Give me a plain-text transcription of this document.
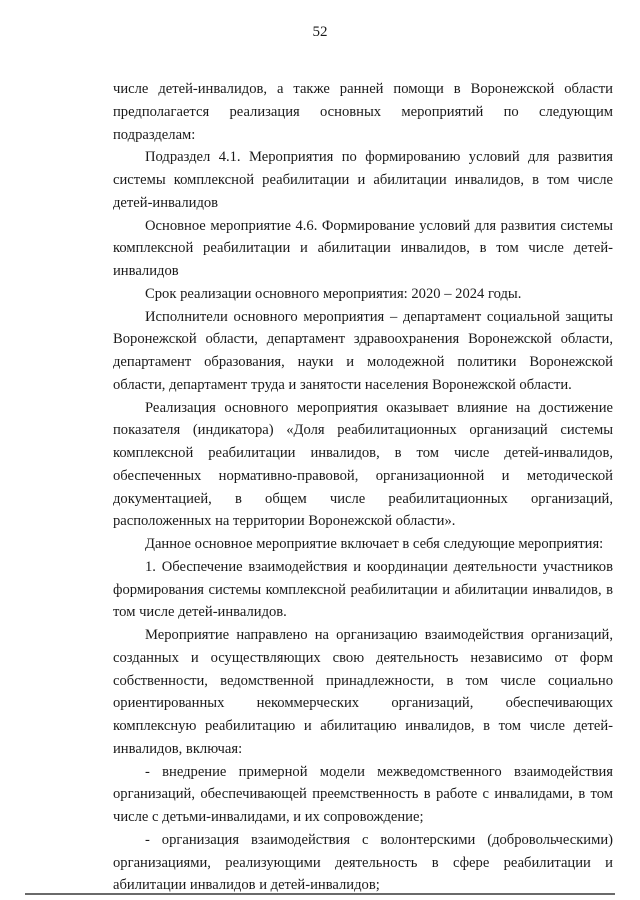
52

числе детей-инвалидов, а также ранней помощи в Воронежской области предполагается реализация основных мероприятий по следующим подразделам:

Подраздел 4.1. Мероприятия по формированию условий для развития системы комплексной реабилитации и абилитации инвалидов, в том числе детей-инвалидов

Основное мероприятие 4.6. Формирование условий для развития системы комплексной реабилитации и абилитации инвалидов, в том числе детей-инвалидов

Срок реализации основного мероприятия: 2020 – 2024 годы.

Исполнители основного мероприятия – департамент социальной защиты Воронежской области, департамент здравоохранения Воронежской области, департамент образования, науки и молодежной политики Воронежской области, департамент труда и занятости населения Воронежской области.

Реализация основного мероприятия оказывает влияние на достижение показателя (индикатора) «Доля реабилитационных организаций системы комплексной реабилитации инвалидов, в том числе детей-инвалидов, обеспеченных нормативно-правовой, организационной и методической документацией, в общем числе реабилитационных организаций, расположенных на территории Воронежской области».

Данное основное мероприятие включает в себя следующие мероприятия:

1. Обеспечение взаимодействия и координации деятельности участников формирования системы комплексной реабилитации и абилитации инвалидов, в том числе детей-инвалидов.

Мероприятие направлено на организацию взаимодействия организаций, созданных и осуществляющих свою деятельность независимо от форм собственности, ведомственной принадлежности, в том числе социально ориентированных некоммерческих организаций, обеспечивающих комплексную реабилитацию и абилитацию инвалидов, в том числе детей-инвалидов, включая:

- внедрение примерной модели межведомственного взаимодействия организаций, обеспечивающей преемственность в работе с инвалидами, в том числе с детьми-инвалидами, и их сопровождение;

- организация взаимодействия с волонтерскими (добровольческими) организациями, реализующими деятельность в сфере реабилитации и абилитации инвалидов и детей-инвалидов;
